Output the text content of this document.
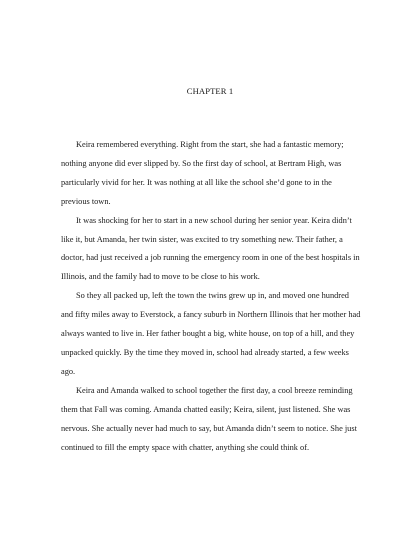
CHAPTER 1

Keira remembered everything. Right from the start, she had a fantastic memory; nothing anyone did ever slipped by. So the first day of school, at Bertram High, was particularly vivid for her. It was nothing at all like the school she’d gone to in the previous town.

It was shocking for her to start in a new school during her senior year. Keira didn’t like it, but Amanda, her twin sister, was excited to try something new. Their father, a doctor, had just received a job running the emergency room in one of the best hospitals in Illinois, and the family had to move to be close to his work.

So they all packed up, left the town the twins grew up in, and moved one hundred and fifty miles away to Everstock, a fancy suburb in Northern Illinois that her mother had always wanted to live in. Her father bought a big, white house, on top of a hill, and they unpacked quickly. By the time they moved in, school had already started, a few weeks ago.

Keira and Amanda walked to school together the first day, a cool breeze reminding them that Fall was coming. Amanda chatted easily; Keira, silent, just listened. She was nervous. She actually never had much to say, but Amanda didn’t seem to notice. She just continued to fill the empty space with chatter, anything she could think of.
